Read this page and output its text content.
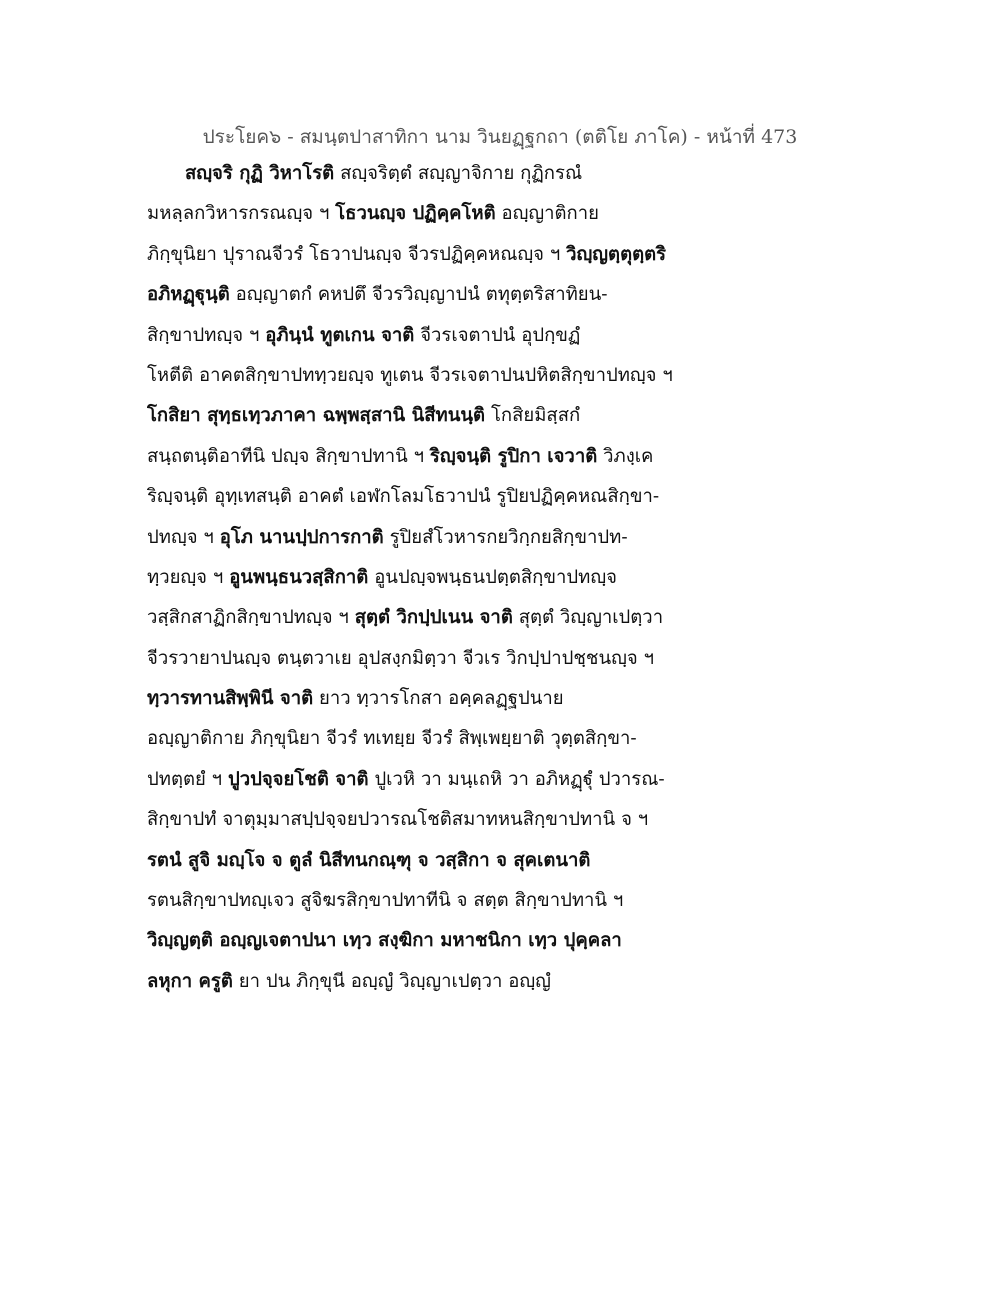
ประโยค๖ - สมนฺตปาสาทิกา นาม วินยฏฺฐกถา (ตติโย ภาโค) - หน้าที่ 473
สญฺจริ กุฏิ วิหาโรติ สญฺจริตฺตํ สญฺญาจิกาย กุฏิกรณํ
มหลฺลกวิหารกรณญฺจ ฯ โธวนญฺจ ปฏิคฺคโหติ อญฺญาติกาย
ภิกฺขุนิยา ปุราณจีวรํ โธวาปนญฺจ จีวรปฏิคฺคหณญฺจ ฯ วิญฺญตฺตุตฺตริ
อภิหฏฺฐุนฺติ อญฺญาตกํ คหปตึ จีวรวิญฺญาปนํ ตทุตฺตริสาทิยน-
สิกฺขาปทญฺจ ฯ อุภินฺนํ ทูตเกน จาติ จีวรเจตาปนํ อุปกฺขฏํ
โหตีติ อาคตสิกฺขาปททฺวยญฺจ ทูเตน จีวรเจตาปนปหิตสิกฺขาปทญฺจ ฯ
โกสิยา สุทฺธเทฺวภาคา ฉพฺพสฺสานิ นิสีทนนฺติ โกสิยมิสฺสกํ
สนฺถตนฺติอาทีนิ ปญฺจ สิกฺขาปทานิ ฯ ริญฺจนฺติ รูปิกา เจวาติ วิภงฺเค
ริญฺจนฺติ อุทฺเทสนฺติ อาคตํ เอฬกโลมโธวาปนํ รูปิยปฏิคฺคหณสิกฺขา-
ปทญฺจ ฯ อุโภ นานปฺปการกาติ รูปิยสํโวหารกยวิกฺกยสิกฺขาปท-
ทฺวยญฺจ ฯ อูนพนฺธนวสฺสิกาติ อูนปญฺจพนฺธนปตฺตสิกฺขาปทญฺจ
วสฺสิกสาฏิกสิกฺขาปทญฺจ ฯ สุตฺตํ วิกปฺปเนน จาติ สุตฺตํ วิญฺญาเปตฺวา
จีวรวายาปนญฺจ ตนฺตวาเย อุปสงฺกมิตฺวา จีวเร วิกปฺปาปชฺชนญฺจ ฯ
ทฺวารทานสิพฺพินี จาติ ยาว ทฺวารโกสา อคฺคลฏฺฐปนาย
อญฺญาติกาย ภิกฺขุนิยา จีวรํ ทเทยฺย จีวรํ สิพฺเพยฺยาติ วุตฺตสิกฺขา-
ปทตฺตยํ ฯ ปูวปจฺจยโชติ จาติ ปูเวหิ วา มนฺเถหิ วา อภิหฏฺฐุํ ปวารณ-
สิกฺขาปทํ จาตุมฺมาสปฺปจฺจยปวารณโชติสมาทหนสิกฺขาปทานิ จ ฯ
รตนํ สูจิ มญฺโจ จ ตูลํ นิสีทนกณฺฑุ จ วสฺสิกา จ สุคเตนาติ
รตนสิกฺขาปทญฺเจว สูจิฆรสิกฺขาปทาทีนิ จ สตฺต สิกฺขาปทานิ ฯ
วิญฺญตฺติ อญฺญเจตาปนา เทฺว สงฺฆิกา มหาชนิกา เทฺว ปุคฺคลา
ลหุกา ครูติ ยา ปน ภิกฺขุนี อญฺญํ วิญฺญาเปตฺวา อญฺญํ
